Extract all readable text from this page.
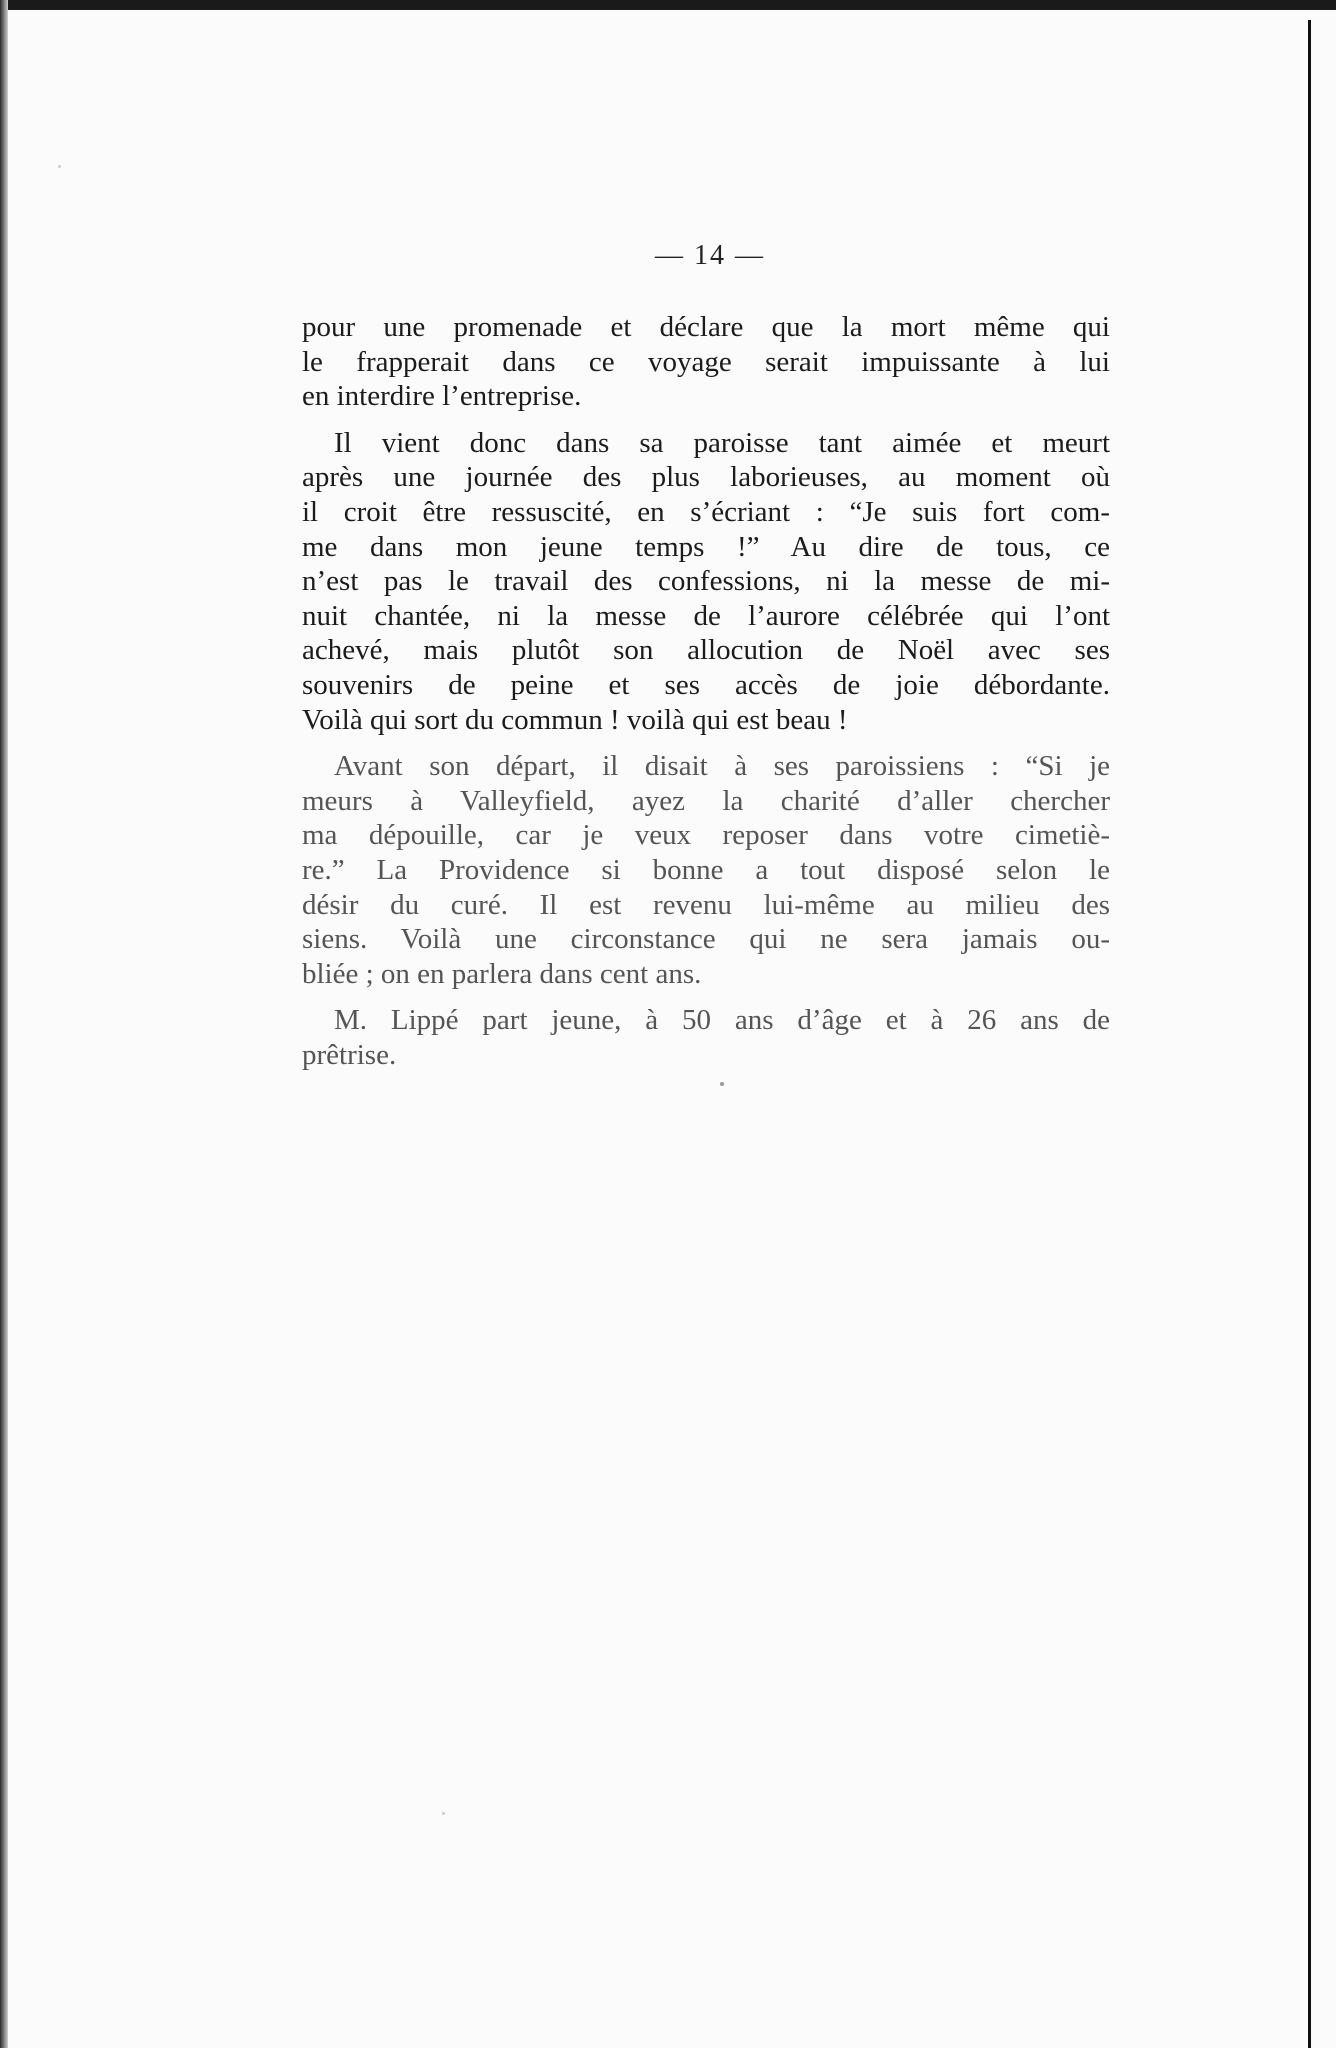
— 14 —

pour une promenade et déclare que la mort même qui
le frapperait dans ce voyage serait impuissante à lui
en interdire l’entreprise.

Il vient donc dans sa paroisse tant aimée et meurt
après une journée des plus laborieuses, au moment où
il croit être ressuscité, en s’écriant : “Je suis fort com-
me dans mon jeune temps !” Au dire de tous, ce
n’est pas le travail des confessions, ni la messe de mi-
nuit chantée, ni la messe de l’aurore célébrée qui l’ont
achevé, mais plutôt son allocution de Noël avec ses
souvenirs de peine et ses accès de joie débordante.
Voilà qui sort du commun ! voilà qui est beau !

Avant son départ, il disait à ses paroissiens : “Si je
meurs à Valleyfield, ayez la charité d’aller chercher
ma dépouille, car je veux reposer dans votre cimetiè-
re.” La Providence si bonne a tout disposé selon le
désir du curé. Il est revenu lui-même au milieu des
siens. Voilà une circonstance qui ne sera jamais ou-
bliée ; on en parlera dans cent ans.

M. Lippé part jeune, à 50 ans d’âge et à 26 ans de
prêtrise.
